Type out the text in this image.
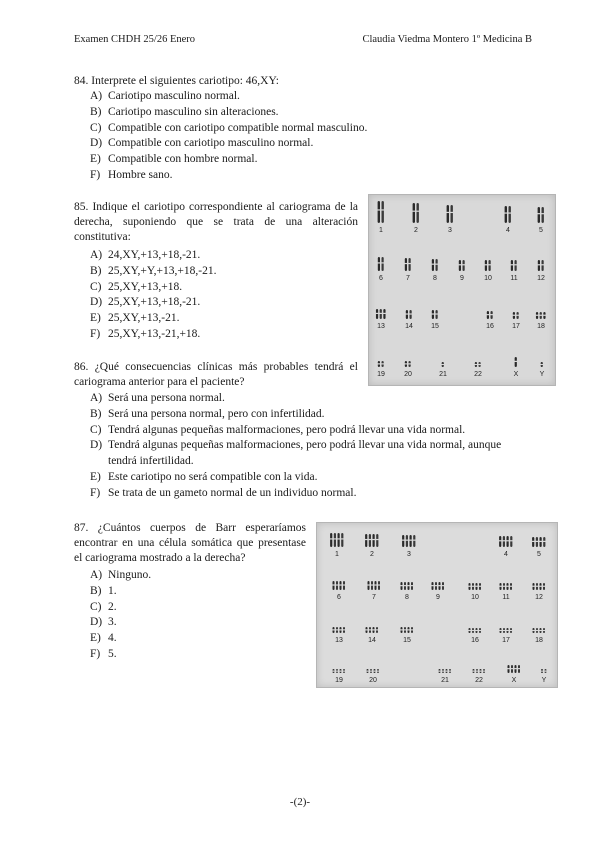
Examen CHDH 25/26 Enero	Claudia Viedma Montero 1º Medicina B
84. Interprete el siguientes cariotipo: 46,XY:
A) Cariotipo masculino normal.
B) Cariotipo masculino sin alteraciones.
C) Compatible con cariotipo compatible normal masculino.
D) Compatible con cariotipo masculino normal.
E) Compatible con hombre normal.
F) Hombre sano.
85. Indique el cariotipo correspondiente al cariograma de la derecha, suponiendo que se trata de una alteración constitutiva:
A) 24,XY,+13,+18,-21.
B) 25,XY,+Y,+13,+18,-21.
C) 25,XY,+13,+18.
D) 25,XY,+13,+18,-21.
E) 25,XY,+13,-21.
F) 25,XY,+13,-21,+18.
1	2	3	4	5
6	7	8	9	10	11	12
13	14	15	16	17 18
19	20	21	22	X	Y
86. ¿Qué consecuencias clínicas más probables tendrá el cariograma anterior para el paciente?
A) Será una persona normal.
B) Será una persona normal, pero con infertilidad.
C) Tendrá algunas pequeñas malformaciones, pero podrá llevar una vida normal.
D) Tendrá algunas pequeñas malformaciones, pero podrá llevar una vida normal, aunque tendrá infertilidad.
E) Este cariotipo no será compatible con la vida.
F) Se trata de un gameto normal de un individuo normal.
87. ¿Cuántos cuerpos de Barr esperaríamos encontrar en una célula somática que presentase el cariograma mostrado a la derecha?
A) Ninguno.
B) 1.
C) 2.
D) 3.
E) 4.
F) 5.
1	2	3	4	5
6	7	8	9	10	11	12
13	14	15	16	17	18
19	20	21	22	X	Y
-(2)-
